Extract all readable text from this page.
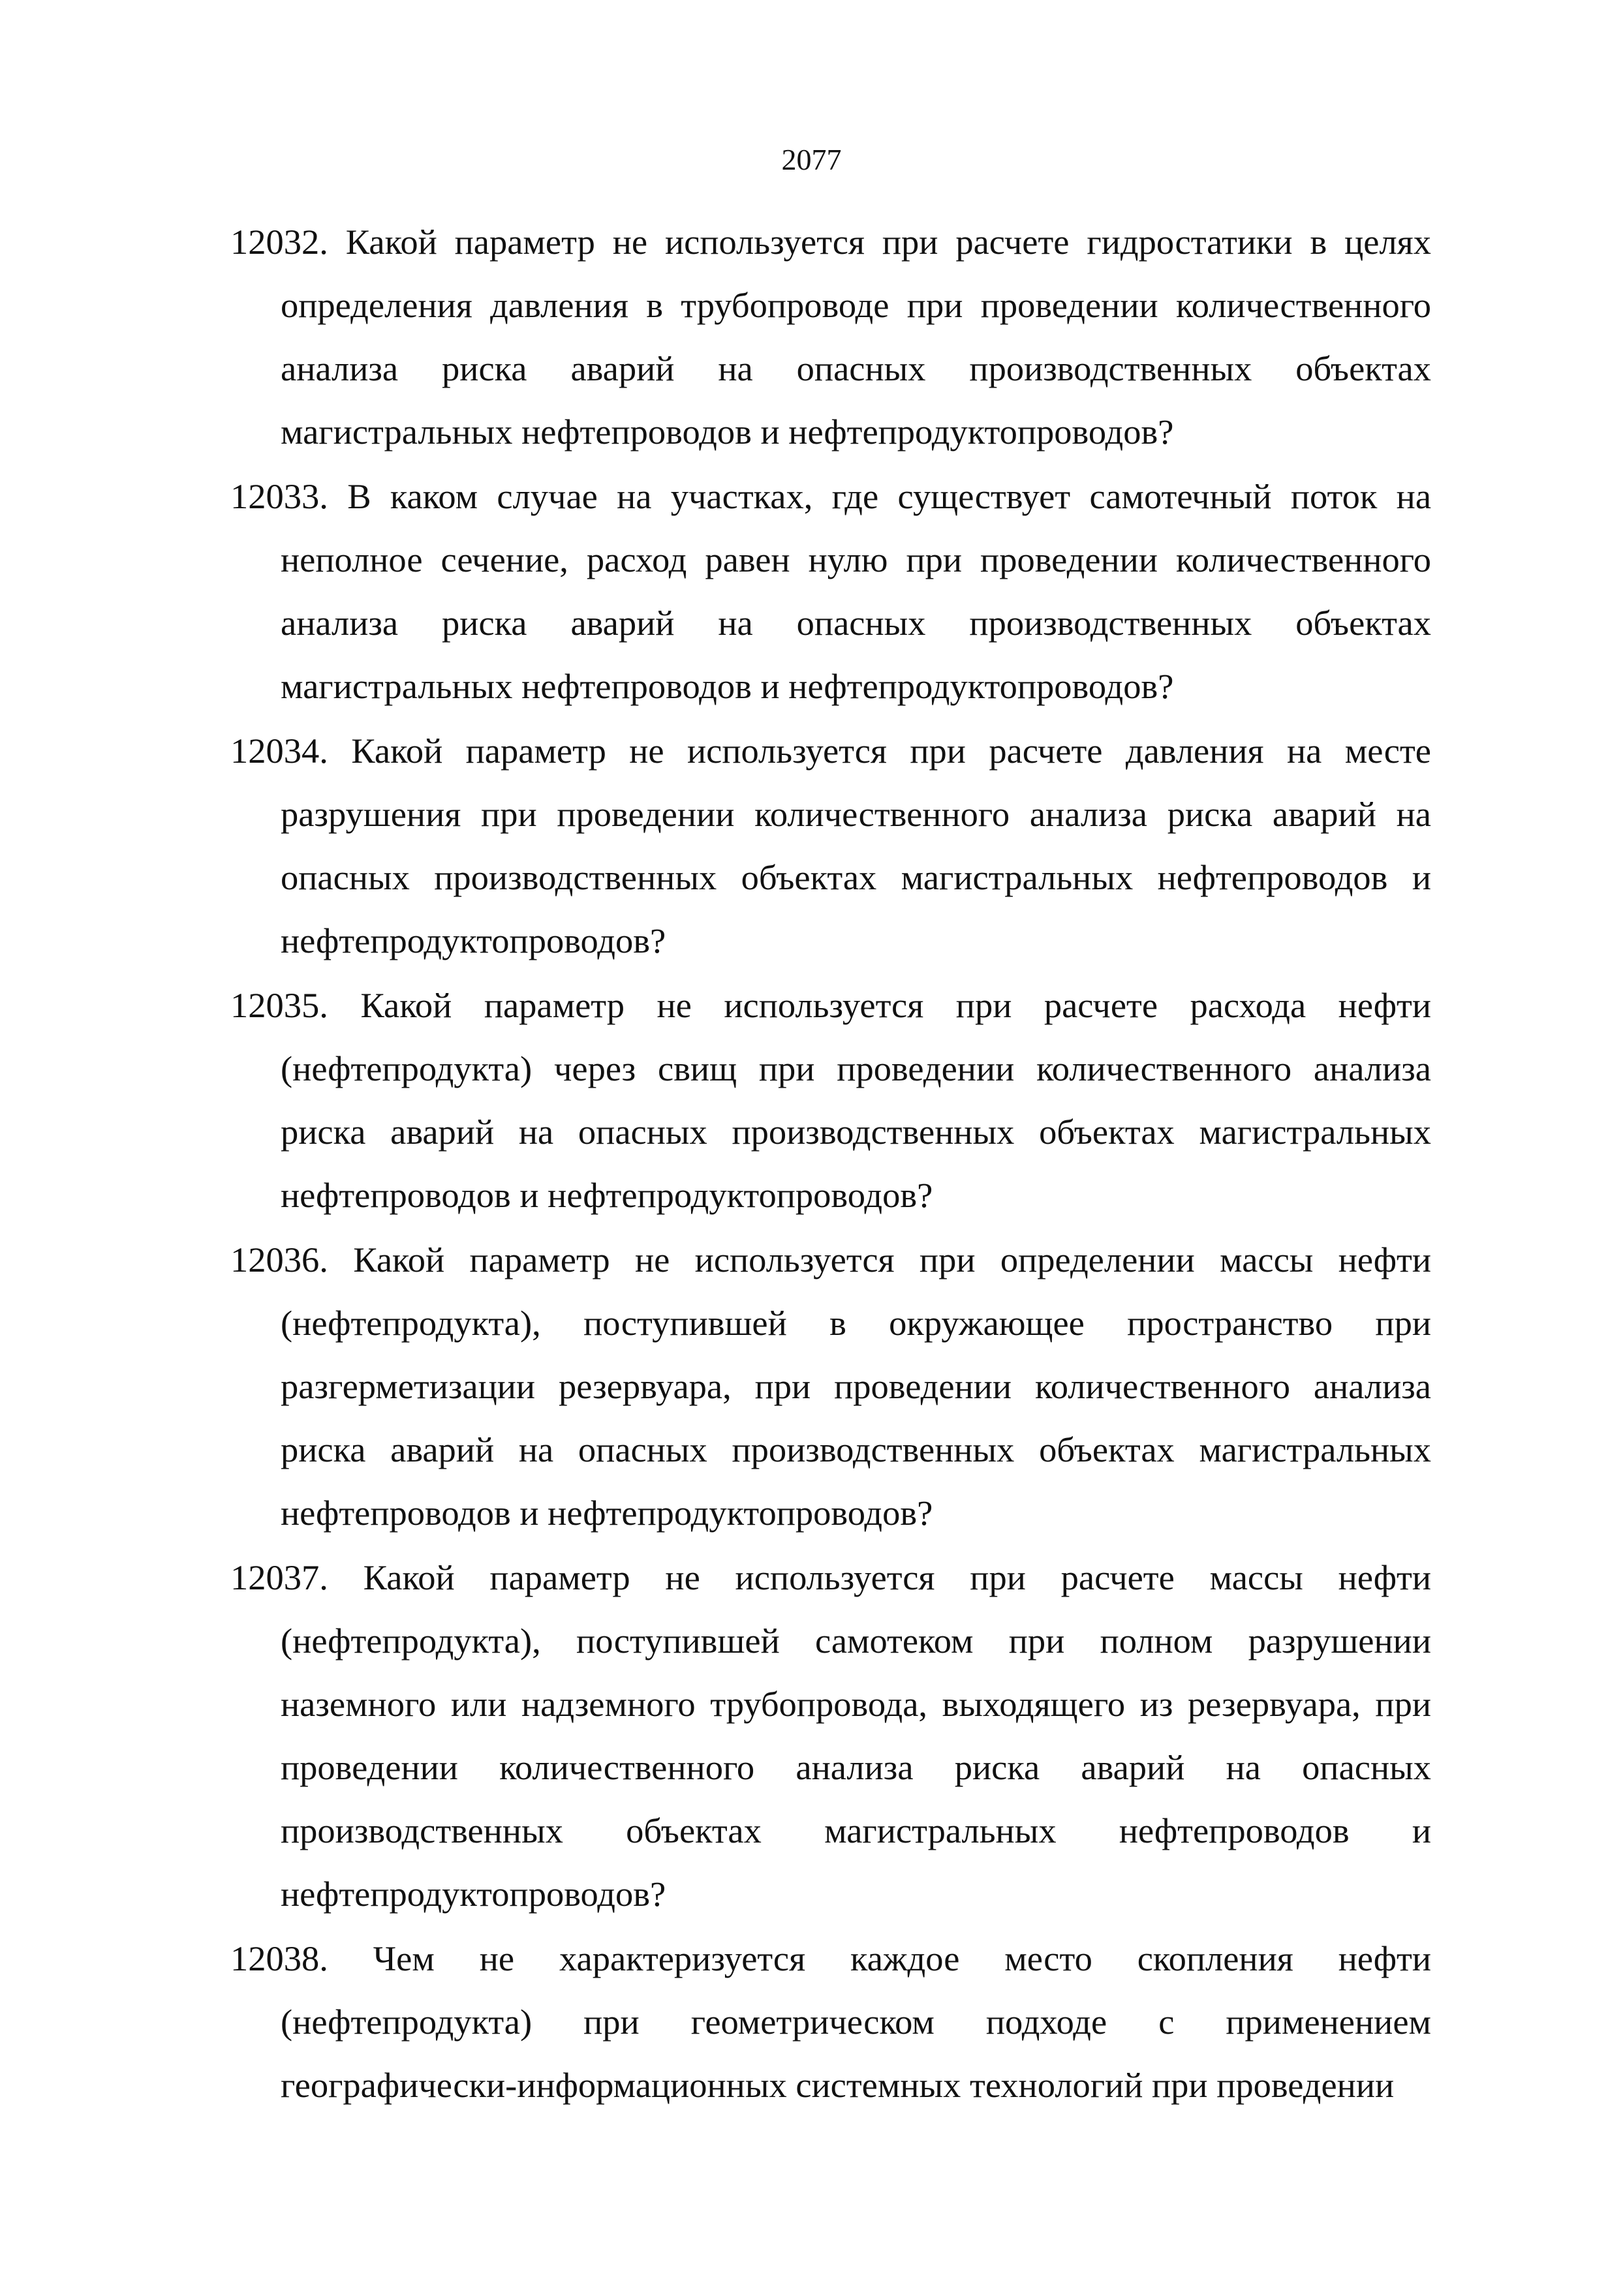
2077
12032. Какой параметр не используется при расчете гидростатики в целях определения давления в трубопроводе при проведении количественного анализа риска аварий на опасных производственных объектах магистральных нефтепроводов и нефтепродуктопроводов?
12033. В каком случае на участках, где существует самотечный поток на неполное сечение, расход равен нулю при проведении количественного анализа риска аварий на опасных производственных объектах магистральных нефтепроводов и нефтепродуктопроводов?
12034. Какой параметр не используется при расчете давления на месте разрушения при проведении количественного анализа риска аварий на опасных производственных объектах магистральных нефтепроводов и нефтепродуктопроводов?
12035. Какой параметр не используется при расчете расхода нефти (нефтепродукта) через свищ при проведении количественного анализа риска аварий на опасных производственных объектах магистральных нефтепроводов и нефтепродуктопроводов?
12036. Какой параметр не используется при определении массы нефти (нефтепродукта), поступившей в окружающее пространство при разгерметизации резервуара, при проведении количественного анализа риска аварий на опасных производственных объектах магистральных нефтепроводов и нефтепродуктопроводов?
12037. Какой параметр не используется при расчете массы нефти (нефтепродукта), поступившей самотеком при полном разрушении наземного или надземного трубопровода, выходящего из резервуара, при проведении количественного анализа риска аварий на опасных производственных объектах магистральных нефтепроводов и нефтепродуктопроводов?
12038. Чем не характеризуется каждое место скопления нефти (нефтепродукта) при геометрическом подходе с применением географически-информационных системных технологий при проведении
